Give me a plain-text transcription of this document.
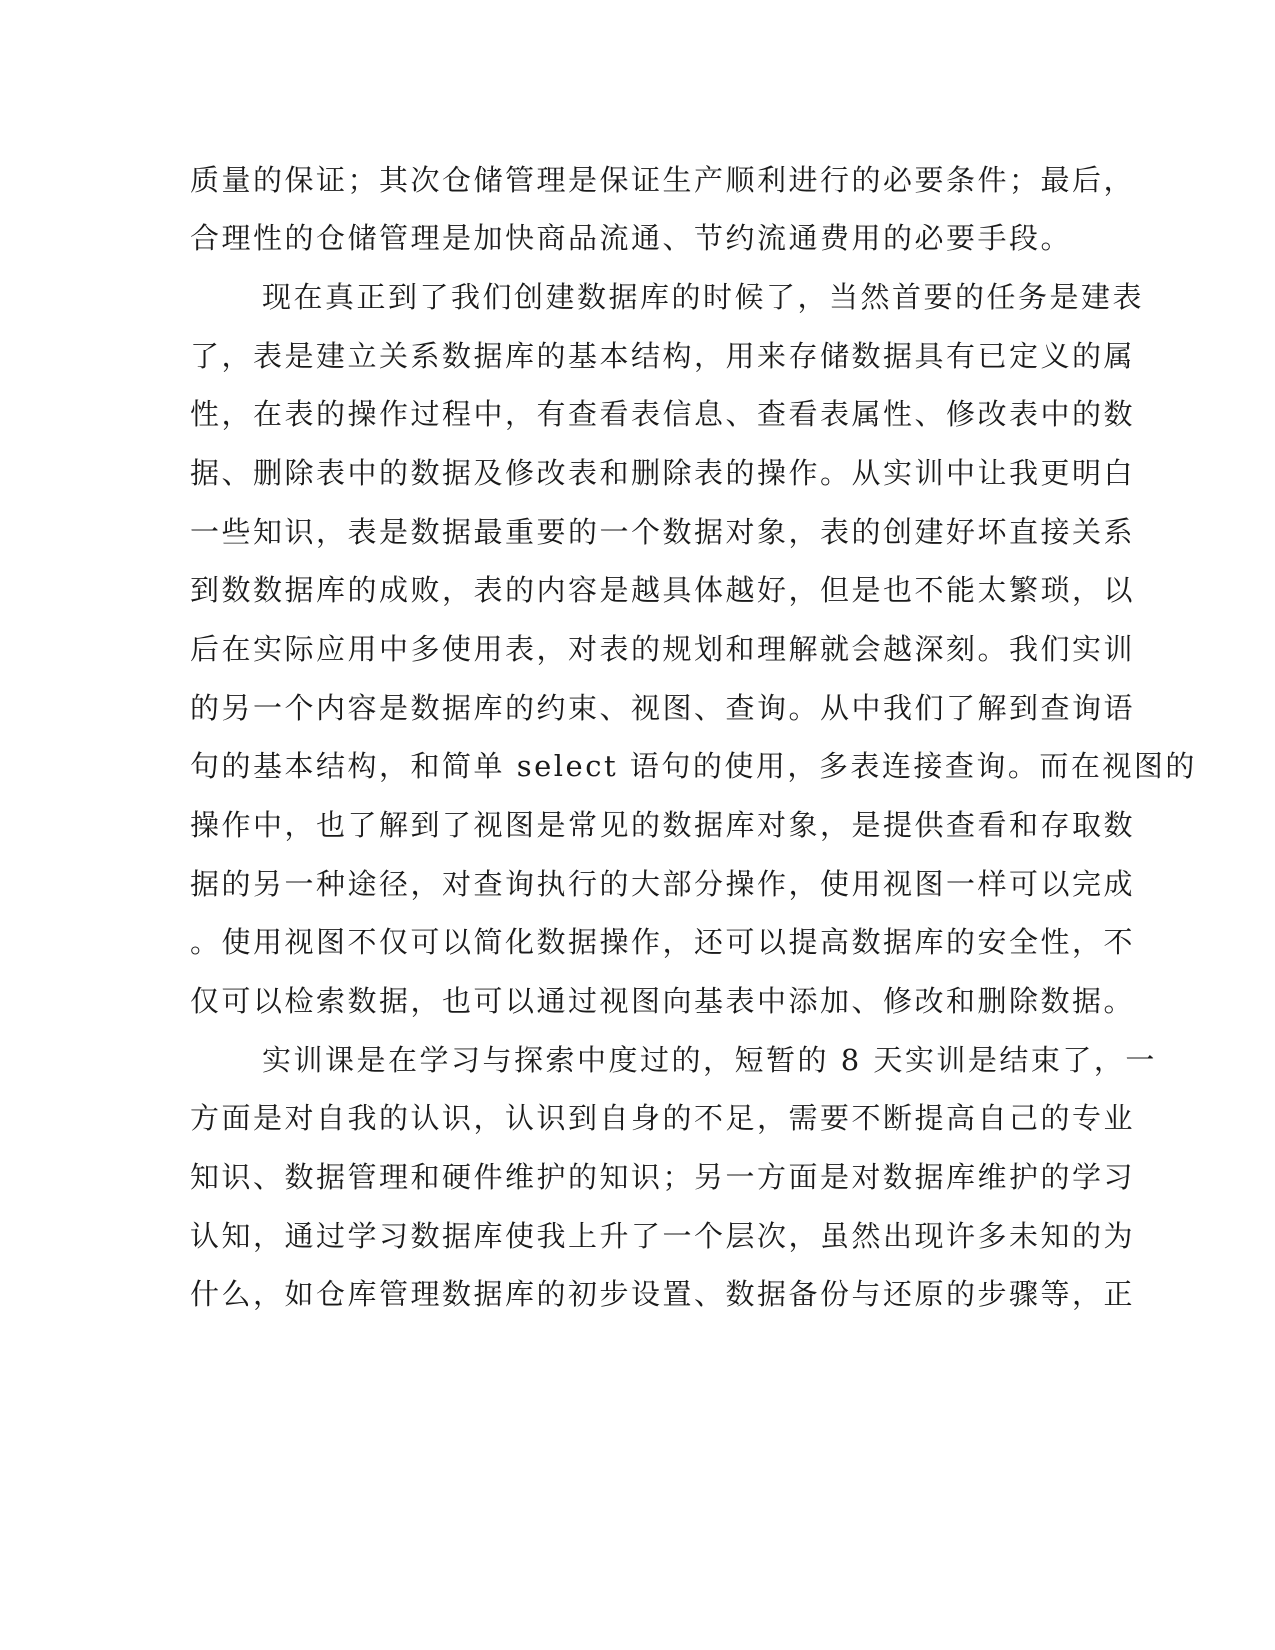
质量的保证；其次仓储管理是保证生产顺利进行的必要条件；最后，

合理性的仓储管理是加快商品流通、节约流通费用的必要手段。

现在真正到了我们创建数据库的时候了，当然首要的任务是建表

了，表是建立关系数据库的基本结构，用来存储数据具有已定义的属

性，在表的操作过程中，有查看表信息、查看表属性、修改表中的数

据、删除表中的数据及修改表和删除表的操作。从实训中让我更明白

一些知识，表是数据最重要的一个数据对象，表的创建好坏直接关系

到数数据库的成败，表的内容是越具体越好，但是也不能太繁琐，以

后在实际应用中多使用表，对表的规划和理解就会越深刻。我们实训

的另一个内容是数据库的约束、视图、查询。从中我们了解到查询语

句的基本结构，和简单 select 语句的使用，多表连接查询。而在视图的

操作中，也了解到了视图是常见的数据库对象，是提供查看和存取数

据的另一种途径，对查询执行的大部分操作，使用视图一样可以完成

。使用视图不仅可以简化数据操作，还可以提高数据库的安全性，不

仅可以检索数据，也可以通过视图向基表中添加、修改和删除数据。

实训课是在学习与探索中度过的，短暂的 8 天实训是结束了，一

方面是对自我的认识，认识到自身的不足，需要不断提高自己的专业

知识、数据管理和硬件维护的知识；另一方面是对数据库维护的学习

认知，通过学习数据库使我上升了一个层次，虽然出现许多未知的为

什么，如仓库管理数据库的初步设置、数据备份与还原的步骤等，正
